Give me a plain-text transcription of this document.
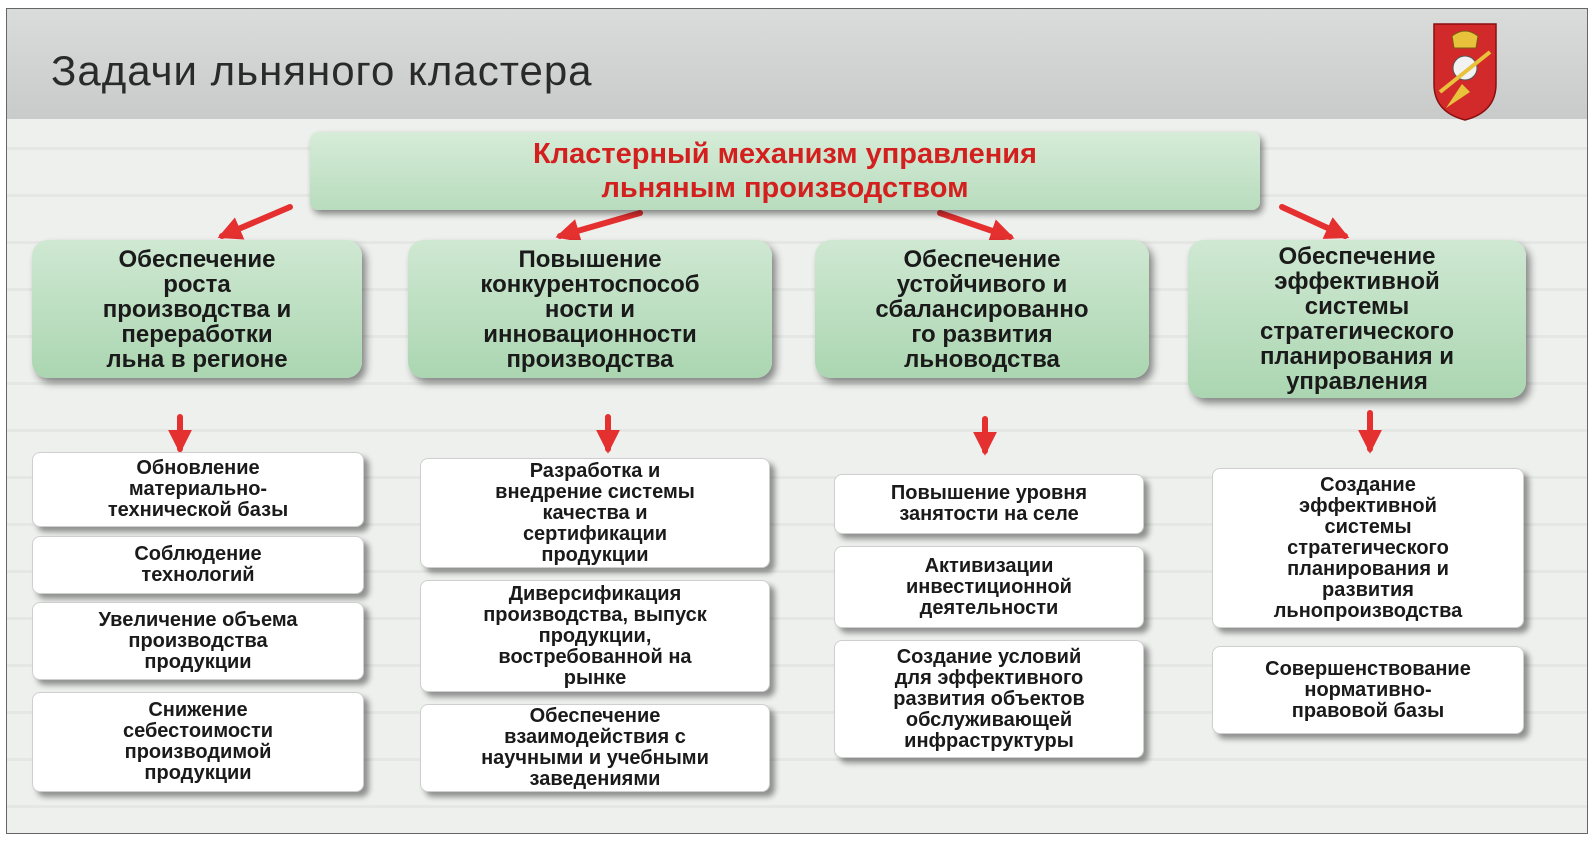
Задачи льняного кластера
Кластерный механизм управления
льняным производством
Обеспечение
роста
производства и
переработки
льна в регионе
Повышение
конкурентоспособ
ности и
инновационности
производства
Обеспечение
устойчивого и
сбалансированно
го развития
льноводства
Обеспечение
эффективной
системы
стратегического
планирования и
управления
Обновление
материально-
технической базы
Соблюдение
технологий
Увеличение объема
производства
продукции
Снижение
себестоимости
производимой
продукции
Разработка и
внедрение системы
качества и
сертификации
продукции
Диверсификация
производства, выпуск
продукции,
востребованной на
рынке
Обеспечение
взаимодействия с
научными и учебными
заведениями
Повышение уровня
занятости на селе
Активизации
инвестиционной
деятельности
Создание условий
для эффективного
развития объектов
обслуживающей
инфраструктуры
Создание
эффективной
системы
стратегического
планирования и
развития
льнопроизводства
Совершенствование
нормативно-
правовой базы
